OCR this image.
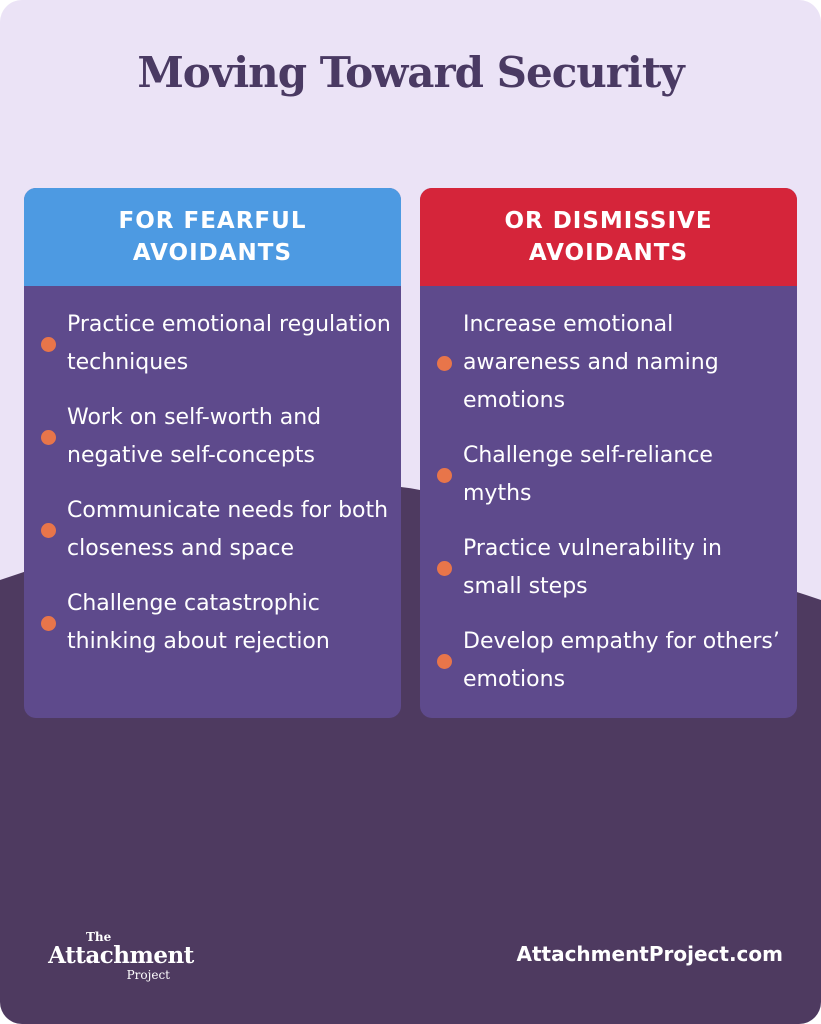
Moving Toward Security
FOR FEARFUL AVOIDANTS
Practice emotional regulation techniques
Work on self-worth and negative self-concepts
Communicate needs for both closeness and space
Challenge catastrophic thinking about rejection
OR DISMISSIVE AVOIDANTS
Increase emotional awareness and naming emotions
Challenge self-reliance myths
Practice vulnerability in small steps
Develop empathy for others’ emotions
The
Attachment
Project
AttachmentProject.com
